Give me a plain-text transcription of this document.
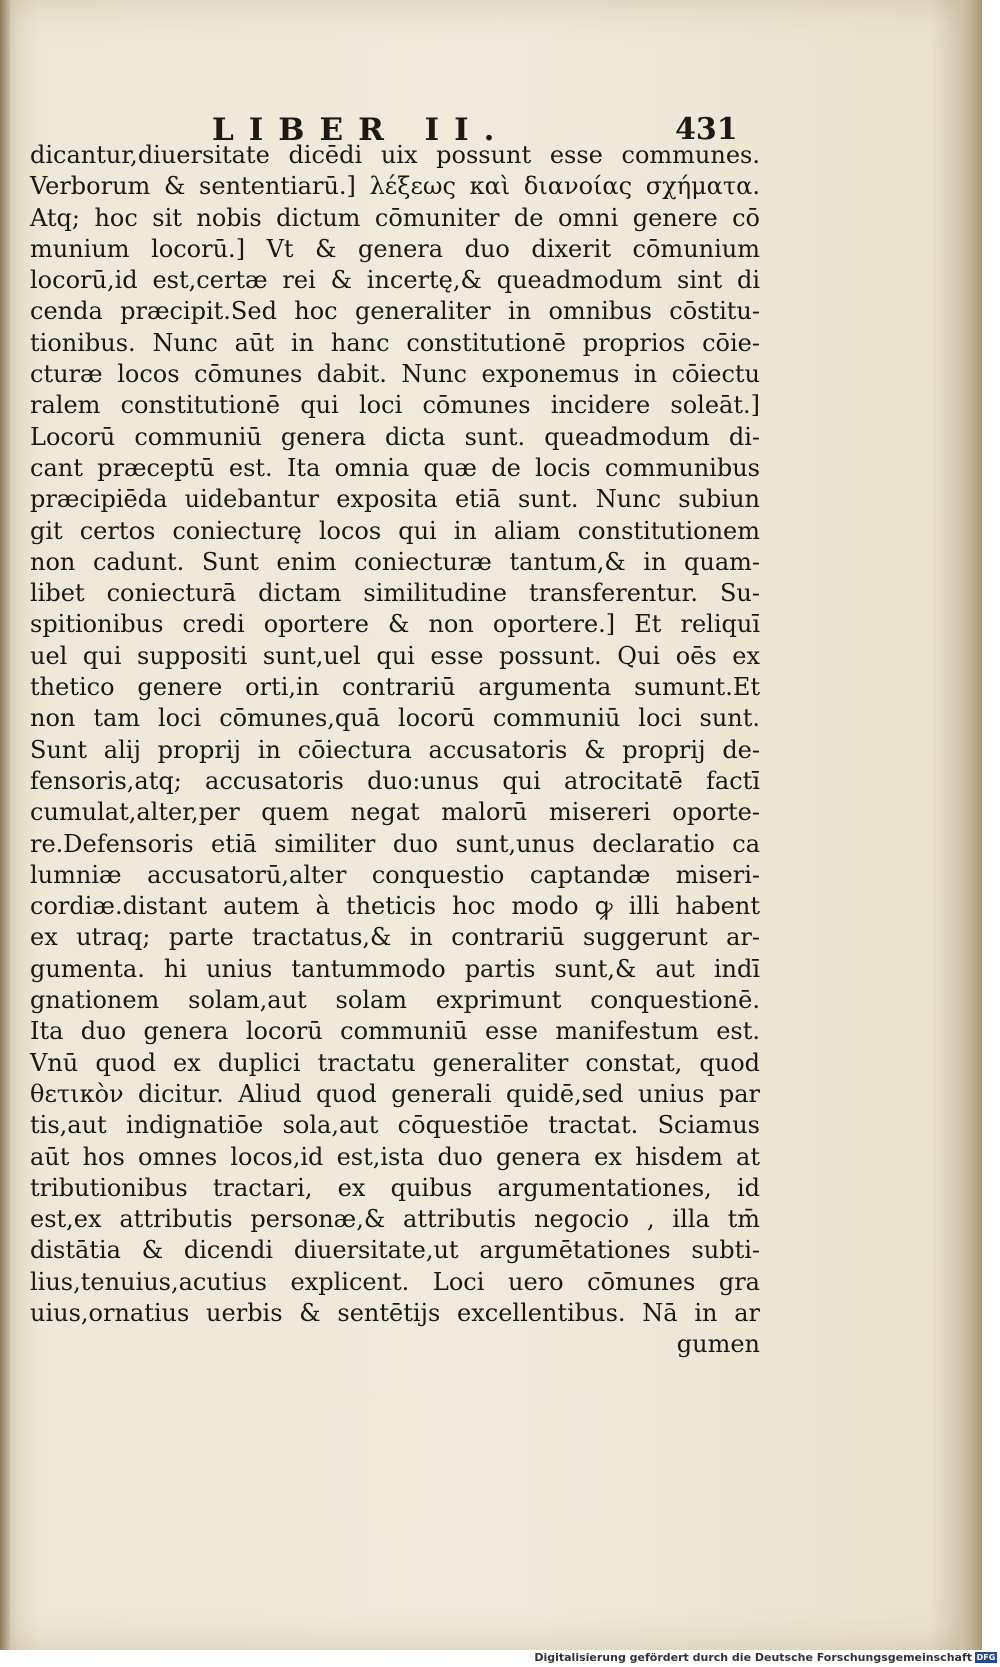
LIBER II.	431
dicantur,diuersitate dicēdi uix possunt esse communes.
Verborum & sententiarū.] λέξεως καὶ διανοίας σχήματα.
Atq; hoc sit nobis dictum cōmuniter de omni genere cō
munium locorū.] Vt & genera duo dixerit cōmunium
locorū,id est,certæ rei & incertę,& queadmodum sint di
cenda præcipit.Sed hoc generaliter in omnibus cōstitu-
tionibus. Nunc aūt in hanc constitutionē proprios cōie-
cturæ locos cōmunes dabit. Nunc exponemus in cōiectu
ralem constitutionē qui loci cōmunes incidere soleāt.]
Locorū communiū genera dicta sunt. queadmodum di-
cant præceptū est. Ita omnia quæ de locis communibus
præcipiēda uidebantur exposita etiā sunt. Nunc subiun
git certos coniecturę locos qui in aliam constitutionem
non cadunt. Sunt enim coniecturæ tantum,& in quam-
libet coniecturā dictam similitudine transferentur. Su-
spitionibus credi oportere & non oportere.] Et reliquī
uel qui suppositi sunt,uel qui esse possunt. Qui oēs ex
thetico genere orti,in contrariū argumenta sumunt.Et
non tam loci cōmunes,quā locorū communiū loci sunt.
Sunt alij proprij in cōiectura accusatoris & proprij de-
fensoris,atq; accusatoris duo:unus qui atrocitatē factī
cumulat,alter,per quem negat malorū misereri oporte-
re.Defensoris etiā similiter duo sunt,unus declaratio ca
lumniæ accusatorū,alter conquestio captandæ miseri-
cordiæ.distant autem à theticis hoc modo ꝙ illi habent
ex utraq; parte tractatus,& in contrariū suggerunt ar-
gumenta. hi unius tantummodo partis sunt,& aut indī
gnationem solam,aut solam exprimunt conquestionē.
Ita duo genera locorū communiū esse manifestum est.
Vnū quod ex duplici tractatu generaliter constat, quod
θετικὸν dicitur. Aliud quod generali quidē,sed unius par
tis,aut indignatiōe sola,aut cōquestiōe tractat. Sciamus
aūt hos omnes locos,id est,ista duo genera ex hisdem at
tributionibus tractari, ex quibus argumentationes, id
est,ex attributis personæ,& attributis negocio , illa tm̄
distātia & dicendi diuersitate,ut argumētationes subti-
lius,tenuius,acutius explicent. Loci uero cōmunes gra
uius,ornatius uerbis & sentētijs excellentibus. Nā in ar
gumen
Digitalisierung gefördert durch die Deutsche Forschungsgemeinschaft DFG
